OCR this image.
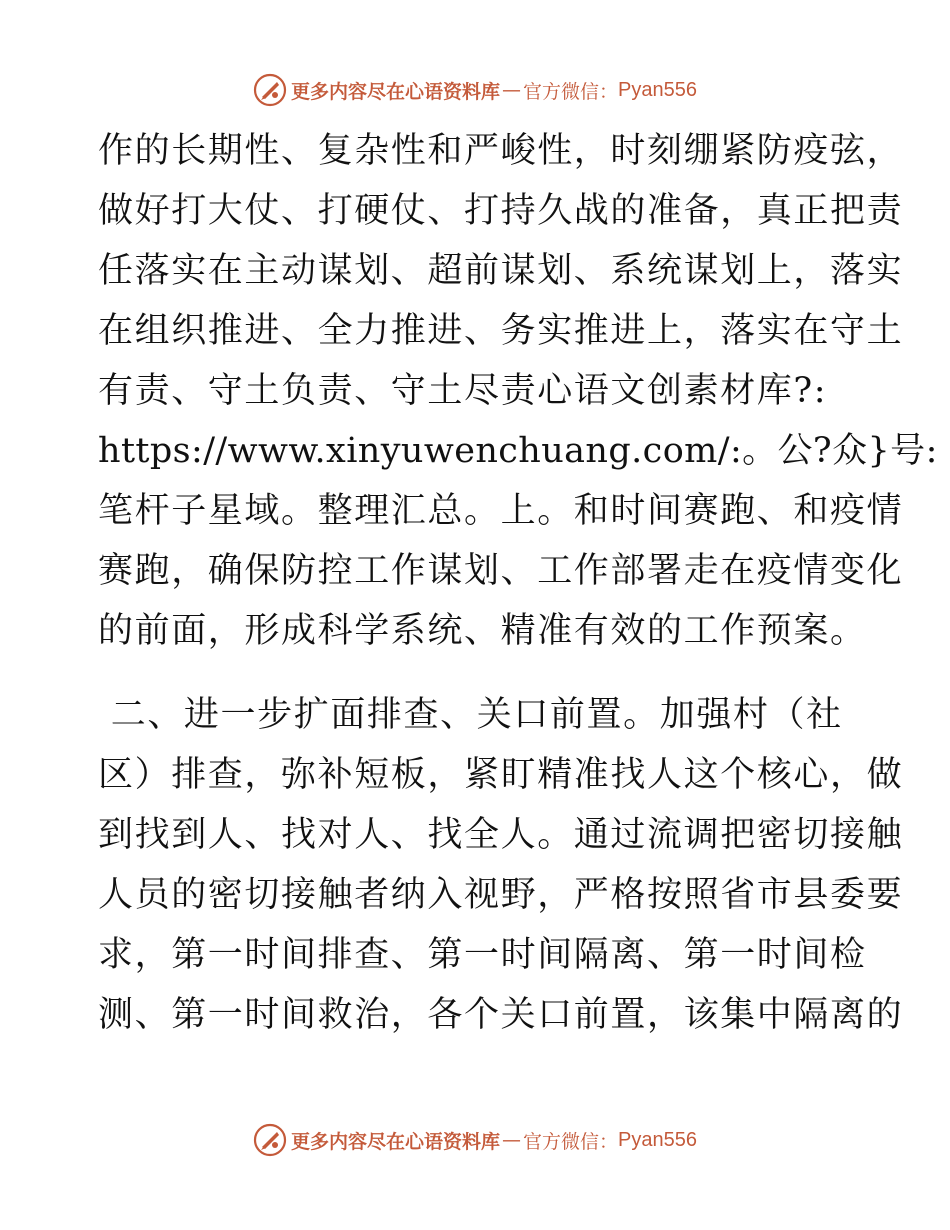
更多内容尽在心语资料库 — 官方微信： Pyan556
作的长期性、复杂性和严峻性，时刻绷紧防疫弦，
做好打大仗、打硬仗、打持久战的准备，真正把责
任落实在主动谋划、超前谋划、系统谋划上，落实
在组织推进、全力推进、务实推进上，落实在守土
有责、守土负责、守土尽责心语文创素材库?:
https://www.xinyuwenchuang.com/:。公?众}号:
笔杆子星域。整理汇总。上。和时间赛跑、和疫情
赛跑，确保防控工作谋划、工作部署走在疫情变化
的前面，形成科学系统、精准有效的工作预案。
二、进一步扩面排查、关口前置。加强村（社
区）排查，弥补短板，紧盯精准找人这个核心，做
到找到人、找对人、找全人。通过流调把密切接触
人员的密切接触者纳入视野，严格按照省市县委要
求，第一时间排查、第一时间隔离、第一时间检
测、第一时间救治，各个关口前置，该集中隔离的
更多内容尽在心语资料库 — 官方微信： Pyan556
